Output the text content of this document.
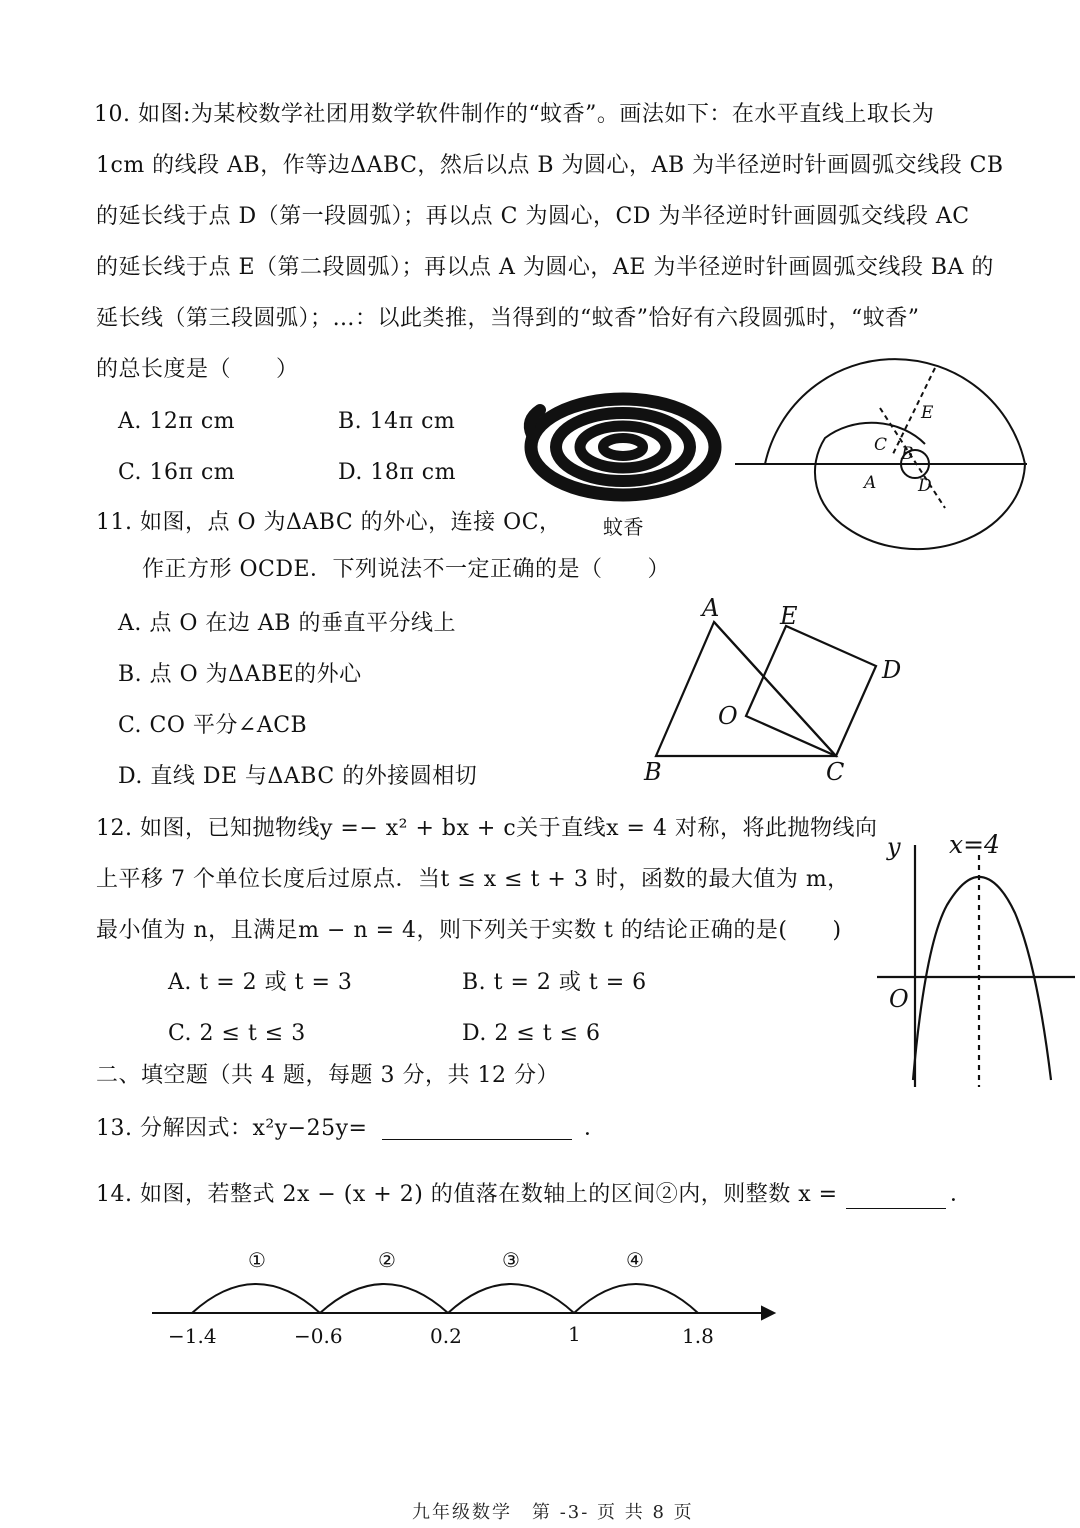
10. 如图:为某校数学社团用数学软件制作的“蚊香”。画法如下：在水平直线上取长为
1cm 的线段 AB，作等边ΔABC，然后以点 B 为圆心，AB 为半径逆时针画圆弧交线段 CB
的延长线于点 D（第一段圆弧）；再以点 C 为圆心，CD 为半径逆时针画圆弧交线段 AC
的延长线于点 E（第二段圆弧）；再以点 A 为圆心，AE 为半径逆时针画圆弧交线段 BA 的
延长线（第三段圆弧）；…：以此类推，当得到的“蚊香”恰好有六段圆弧时，“蚊香”
的总长度是（　　）
A. 12π cm	B. 14π cm
C. 16π cm	D. 18π cm
蚊香
E
C B
A D
11. 如图，点 O 为ΔABC 的外心，连接 OC，
作正方形 OCDE．下列说法不一定正确的是（　　）
A. 点 O 在边 AB 的垂直平分线上
B. 点 O 为ΔABE的外心
C. CO 平分∠ACB
D. 直线 DE 与ΔABC 的外接圆相切
A	E
D
O
B	C
12. 如图，已知抛物线y =− x² + bx + c关于直线x = 4 对称，将此抛物线向
上平移 7 个单位长度后过原点．当t ≤ x ≤ t + 3 时，函数的最大值为 m，
最小值为 n，且满足m − n = 4，则下列关于实数 t 的结论正确的是(　　)
A. t = 2 或 t = 3	B. t = 2 或 t = 6
C. 2 ≤ t ≤ 3	D. 2 ≤ t ≤ 6
y x=4
O
二、填空题（共 4 题，每题 3 分，共 12 分）
13. 分解因式：x²y−25y=	．
14. 如图，若整式 2x − (x + 2) 的值落在数轴上的区间②内，则整数 x =	．
①	②	③	④
−1.4	−0.6	0.2	1	1.8
九年级数学　第 -3- 页 共 8 页
